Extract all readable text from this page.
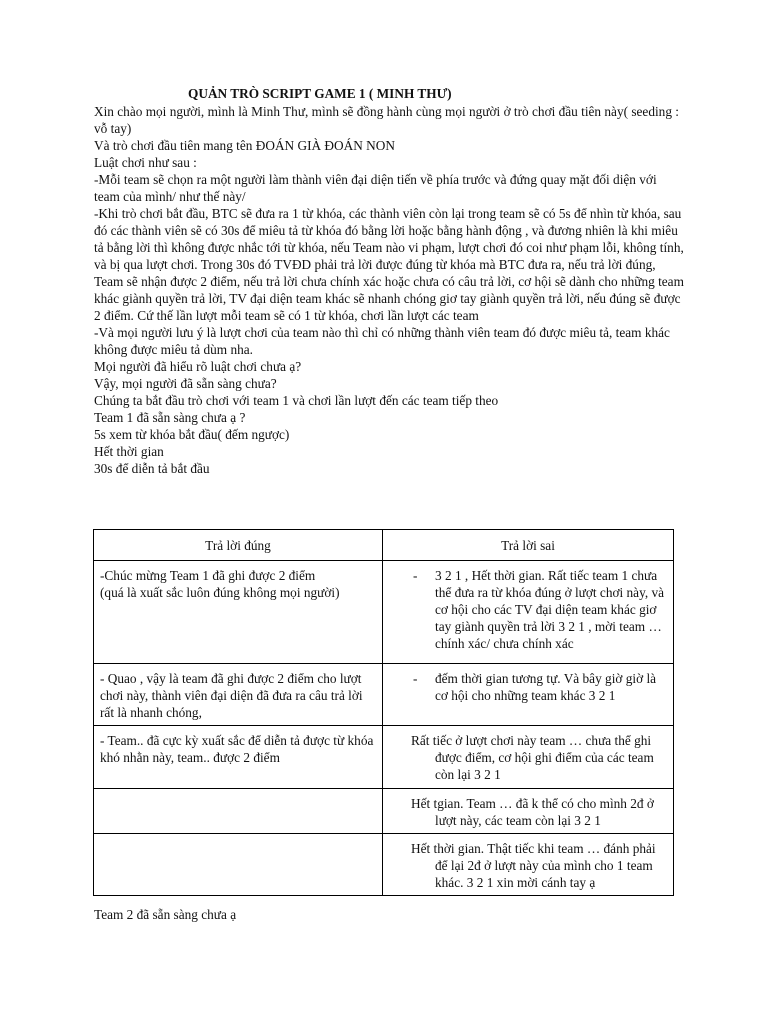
QUẢN TRÒ SCRIPT GAME 1 ( MINH THƯ)

Xin chào mọi người, mình là Minh Thư, mình sẽ đồng hành cùng mọi người ở trò chơi đầu tiên này( seeding : vỗ tay)

Và trò chơi đầu tiên mang tên ĐOÁN GIÀ ĐOÁN NON

Luật chơi như sau :

-Mỗi team sẽ chọn ra một người làm thành viên đại diện tiến về phía trước và đứng quay mặt đối diện với team của mình/ như thế này/

-Khi trò chơi bắt đầu, BTC sẽ đưa ra 1 từ khóa, các thành viên còn lại trong team sẽ có 5s để nhìn từ khóa, sau đó các thành viên sẽ có 30s để miêu tả từ khóa đó bằng lời hoặc bằng hành động , và đương nhiên là khi miêu tả bằng lời thì không được nhắc tới từ khóa, nếu Team nào vi phạm, lượt chơi đó coi như phạm lỗi, không tính, và bị qua lượt chơi. Trong 30s đó TVĐD phải trả lời được đúng từ khóa mà BTC đưa ra, nếu trả lời đúng, Team sẽ nhận được 2 điểm, nếu trả lời chưa chính xác hoặc chưa có câu trả lời, cơ hội sẽ dành cho những team khác giành quyền trả lời, TV đại diện team khác sẽ nhanh chóng giơ tay giành quyền trả lời, nếu đúng sẽ được 2 điểm. Cứ thế lần lượt mỗi team sẽ có 1 từ khóa, chơi lần lượt các team

-Và mọi người lưu ý là lượt chơi của team nào thì chỉ có những thành viên team đó được miêu tả, team khác không được miêu tả dùm nha.

Mọi người đã hiểu rõ luật chơi chưa ạ?

Vậy, mọi người đã sẵn sàng chưa?

Chúng ta bắt đầu trò chơi với team 1 và chơi lần lượt đến các team tiếp theo

Team 1 đã sẵn sàng chưa ạ ?

5s xem từ khóa bắt đầu( đếm ngược)

Hết thời gian

30s để diễn tả bắt đầu

Trả lời đúng	Trả lời sai

-Chúc mừng Team 1 đã ghi được 2 điểm
(quá là xuất sắc luôn đúng không mọi người)	- 3 2 1 , Hết thời gian. Rất tiếc team 1 chưa thể đưa ra từ khóa đúng ở lượt chơi này, và cơ hội cho các TV đại diện team khác giơ tay giành quyền trả lời 3 2 1 , mời team … chính xác/ chưa chính xác

- Quao , vậy là team đã ghi được 2 điểm cho lượt chơi này, thành viên đại diện đã đưa ra câu trả lời rất là nhanh chóng,	- đếm thời gian tương tự. Và bây giờ giờ là cơ hội cho những team khác 3 2 1

- Team.. đã cực kỳ xuất sắc để diễn tả được từ khóa khó nhằn này, team.. được 2 điểm	Rất tiếc ở lượt chơi này team … chưa thể ghi được điểm, cơ hội ghi điểm của các team còn lại 3 2 1

	Hết tgian. Team … đã k thể có cho mình 2đ ở lượt này, các team còn lại 3 2 1

	Hết thời gian. Thật tiếc khi team … đánh phải để lại 2đ ở lượt này của mình cho 1 team khác. 3 2 1 xin mời cánh tay ạ
Team 2 đã sẵn sàng chưa ạ
